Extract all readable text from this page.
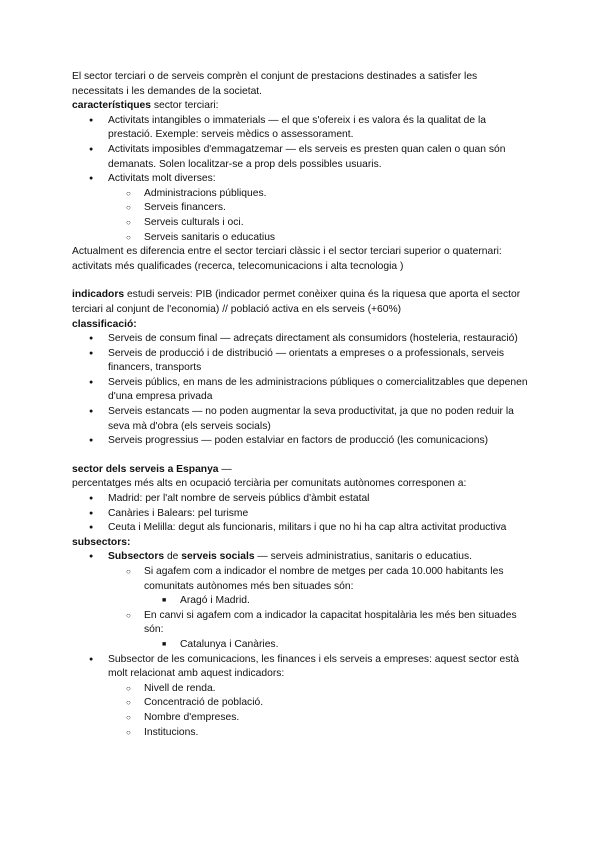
El sector terciari o de serveis comprèn el conjunt de prestacions destinades a satisfer les necessitats i les demandes de la societat.

característiques sector terciari:

● Activitats intangibles o immaterials — el que s'ofereix i es valora és la qualitat de la prestació. Exemple: serveis mèdics o assessorament.
● Activitats imposibles d'emmagatzemar — els serveis es presten quan calen o quan són demanats. Solen localitzar-se a prop dels possibles usuaris.
● Activitats molt diverses:
○ Administracions públiques.
○ Serveis financers.
○ Serveis culturals i oci.
○ Serveis sanitaris o educatius

Actualment es diferencia entre el sector terciari clàssic i el sector terciari superior o quaternari: activitats més qualificades (recerca, telecomunicacions i alta tecnologia )

indicadors estudi serveis: PIB (indicador permet conèixer quina és la riquesa que aporta el sector terciari al conjunt de l'economia) // població activa en els serveis (+60%)

classificació:

● Serveis de consum final — adreçats directament als consumidors (hosteleria, restauració)
● Serveis de producció i de distribució — orientats a empreses o a professionals, serveis financers, transports
● Serveis públics, en mans de les administracions públiques o comercialitzables que depenen d'una empresa privada
● Serveis estancats — no poden augmentar la seva productivitat, ja que no poden reduir la seva mà d'obra (els serveis socials)
● Serveis progressius — poden estalviar en factors de producció (les comunicacions)

sector dels serveis a Espanya —

percentatges més alts en ocupació terciària per comunitats autònomes corresponen a:

● Madrid: per l'alt nombre de serveis públics d'àmbit estatal
● Canàries i Balears: pel turisme
● Ceuta i Melilla: degut als funcionaris, militars i que no hi ha cap altra activitat productiva

subsectors:

● Subsectors de serveis socials — serveis administratius, sanitaris o educatius.
○ Si agafem com a indicador el nombre de metges per cada 10.000 habitants les comunitats autònomes més ben situades són:
■ Aragó i Madrid.
○ En canvi si agafem com a indicador la capacitat hospitalària les més ben situades són:
■ Catalunya i Canàries.
● Subsector de les comunicacions, les finances i els serveis a empreses: aquest sector està molt relacionat amb aquest indicadors:
○ Nivell de renda.
○ Concentració de població.
○ Nombre d'empreses.
○ Institucions.
